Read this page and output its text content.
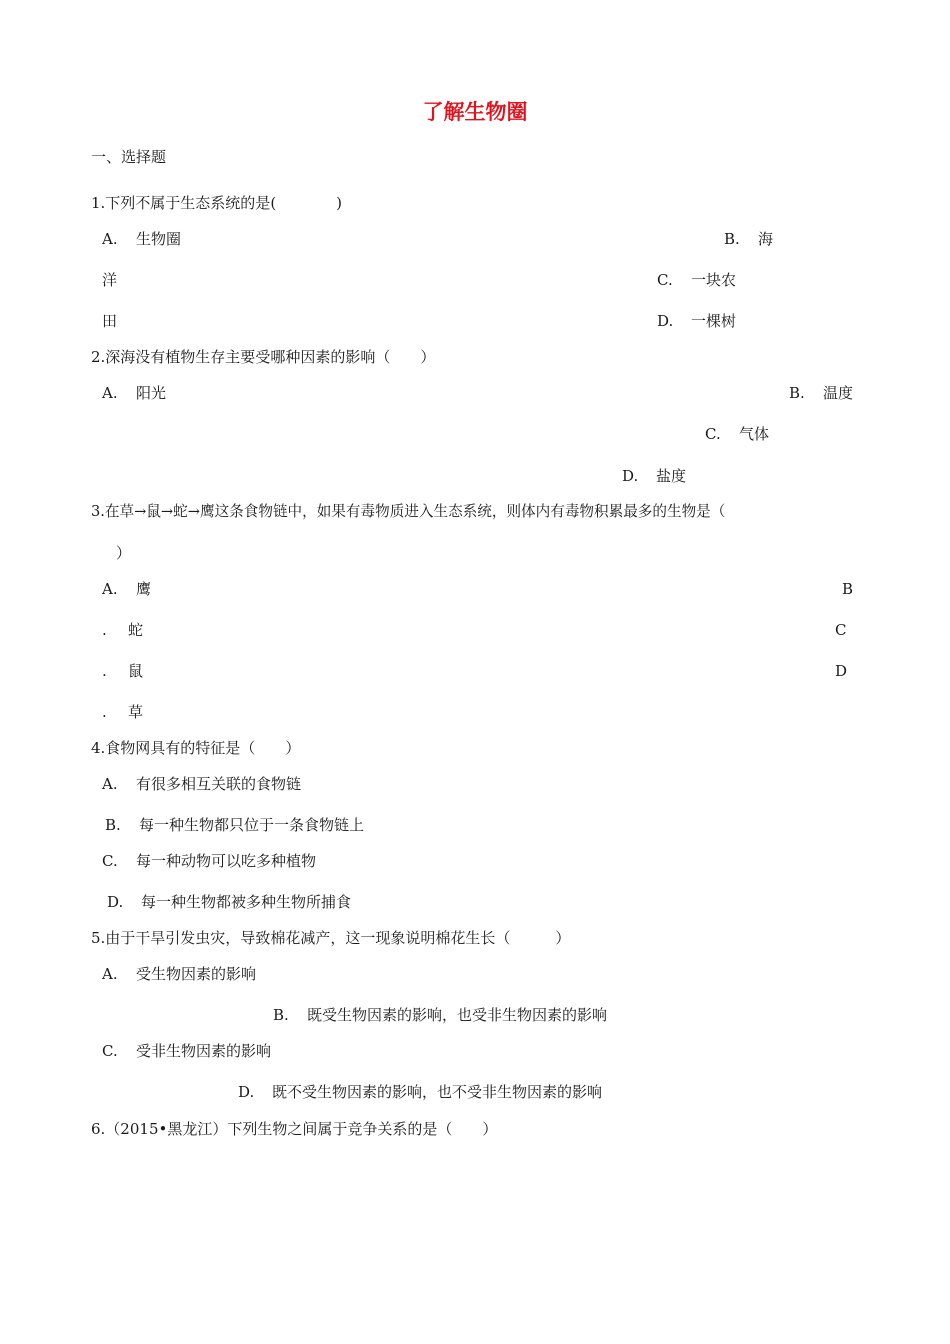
了解生物圈
一、选择题
1.下列不属于生态系统的是(　　　　)
A. 生物圈	B. 海
洋	C. 一块农
田	D. 一棵树
2.深海没有植物生存主要受哪种因素的影响（　　）
A. 阳光	B. 温度
C. 气体
D. 盐度
3.在草→鼠→蛇→鹰这条食物链中，如果有毒物质进入生态系统，则体内有毒物积累最多的生物是（
）
A. 鹰	B
. 蛇	C
. 鼠	D
. 草
4.食物网具有的特征是（　　）
A. 有很多相互关联的食物链
B. 每一种生物都只位于一条食物链上
C. 每一种动物可以吃多种植物
D. 每一种生物都被多种生物所捕食
5.由于干旱引发虫灾，导致棉花减产，这一现象说明棉花生长（　　　）
A. 受生物因素的影响
B. 既受生物因素的影响，也受非生物因素的影响
C. 受非生物因素的影响
D. 既不受生物因素的影响，也不受非生物因素的影响
6.（2015•黑龙江）下列生物之间属于竞争关系的是（　　）
